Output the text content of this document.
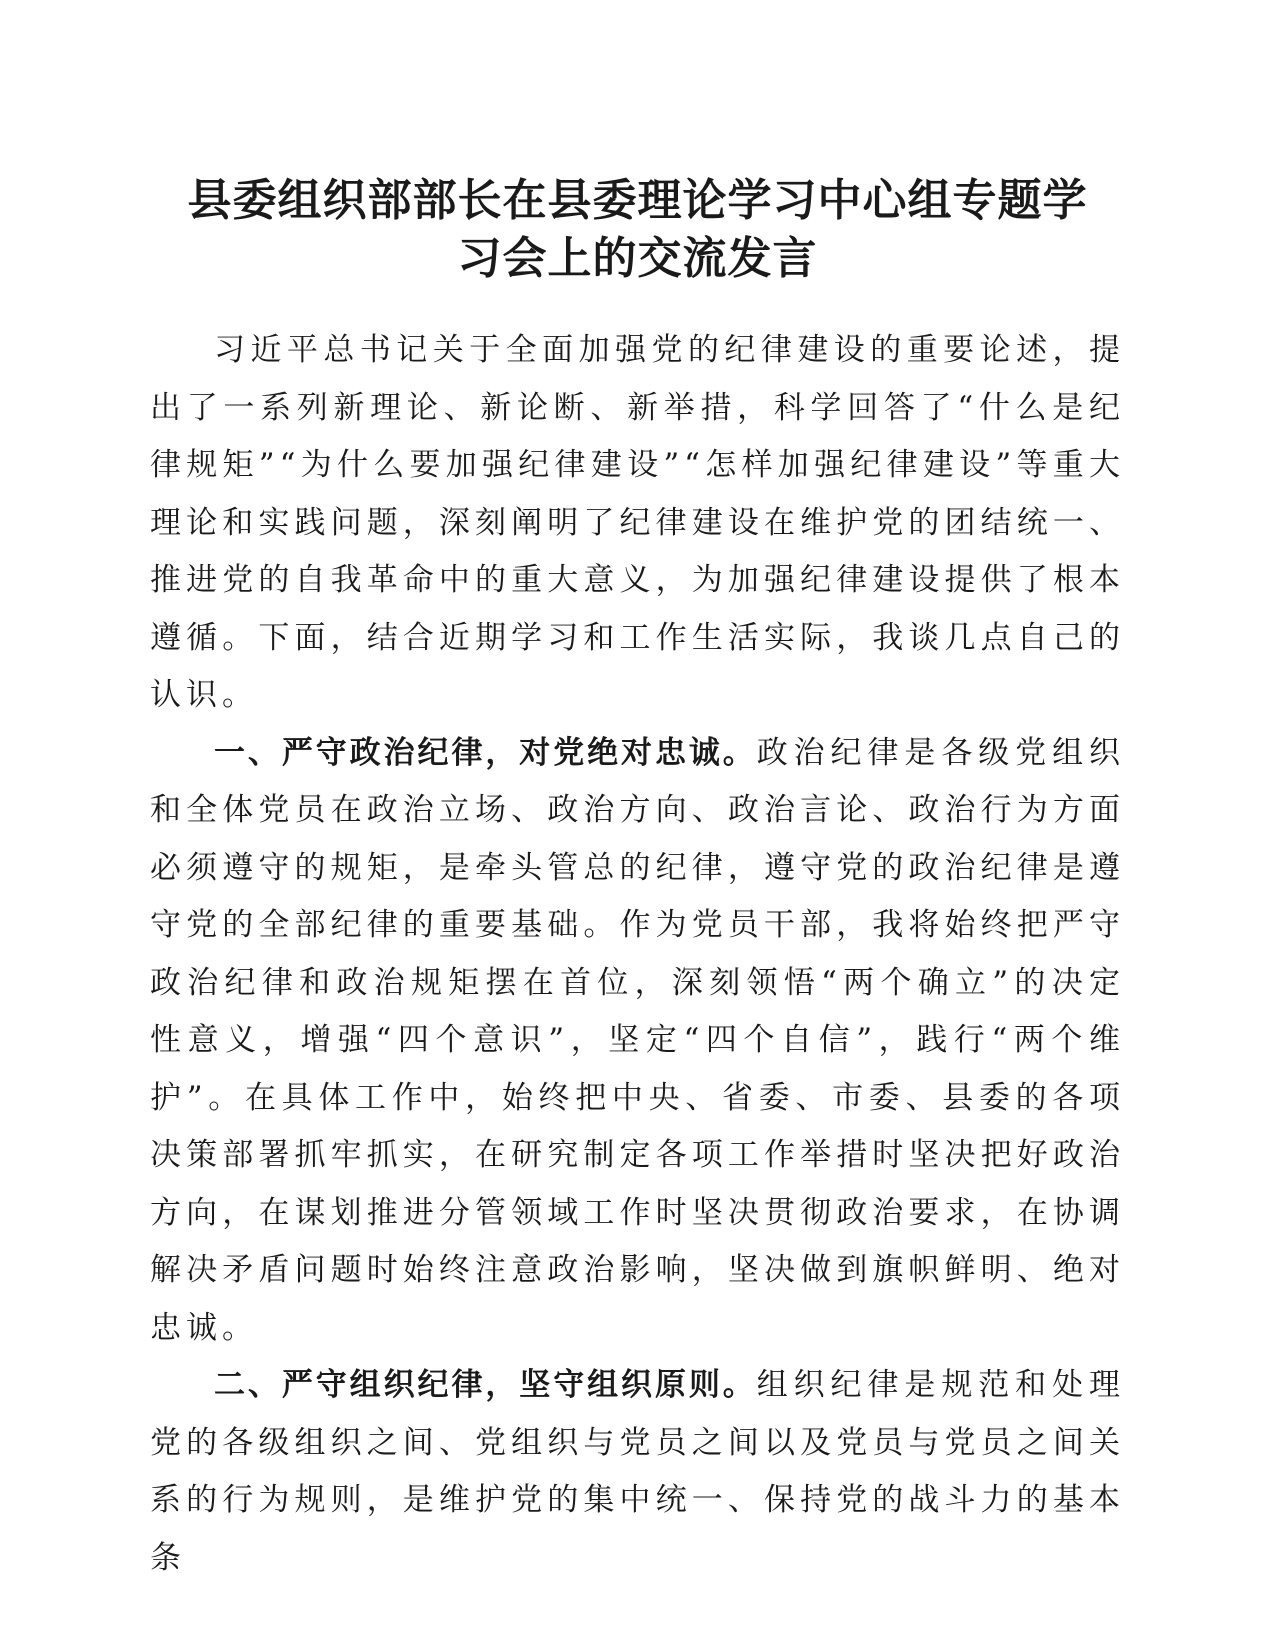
县委组织部部长在县委理论学习中心组专题学
习会上的交流发言

习近平总书记关于全面加强党的纪律建设的重要论述，提出了一系列新理论、新论断、新举措，科学回答了“什么是纪律规矩”“为什么要加强纪律建设”“怎样加强纪律建设”等重大理论和实践问题，深刻阐明了纪律建设在维护党的团结统一、推进党的自我革命中的重大意义，为加强纪律建设提供了根本遵循。下面，结合近期学习和工作生活实际，我谈几点自己的认识。

一、严守政治纪律，对党绝对忠诚。政治纪律是各级党组织和全体党员在政治立场、政治方向、政治言论、政治行为方面必须遵守的规矩，是牵头管总的纪律，遵守党的政治纪律是遵守党的全部纪律的重要基础。作为党员干部，我将始终把严守政治纪律和政治规矩摆在首位，深刻领悟“两个确立”的决定性意义，增强“四个意识”，坚定“四个自信”，践行“两个维护”。在具体工作中，始终把中央、省委、市委、县委的各项决策部署抓牢抓实，在研究制定各项工作举措时坚决把好政治方向，在谋划推进分管领域工作时坚决贯彻政治要求，在协调解决矛盾问题时始终注意政治影响，坚决做到旗帜鲜明、绝对忠诚。

二、严守组织纪律，坚守组织原则。组织纪律是规范和处理党的各级组织之间、党组织与党员之间以及党员与党员之间关系的行为规则，是维护党的集中统一、保持党的战斗力的基本条
